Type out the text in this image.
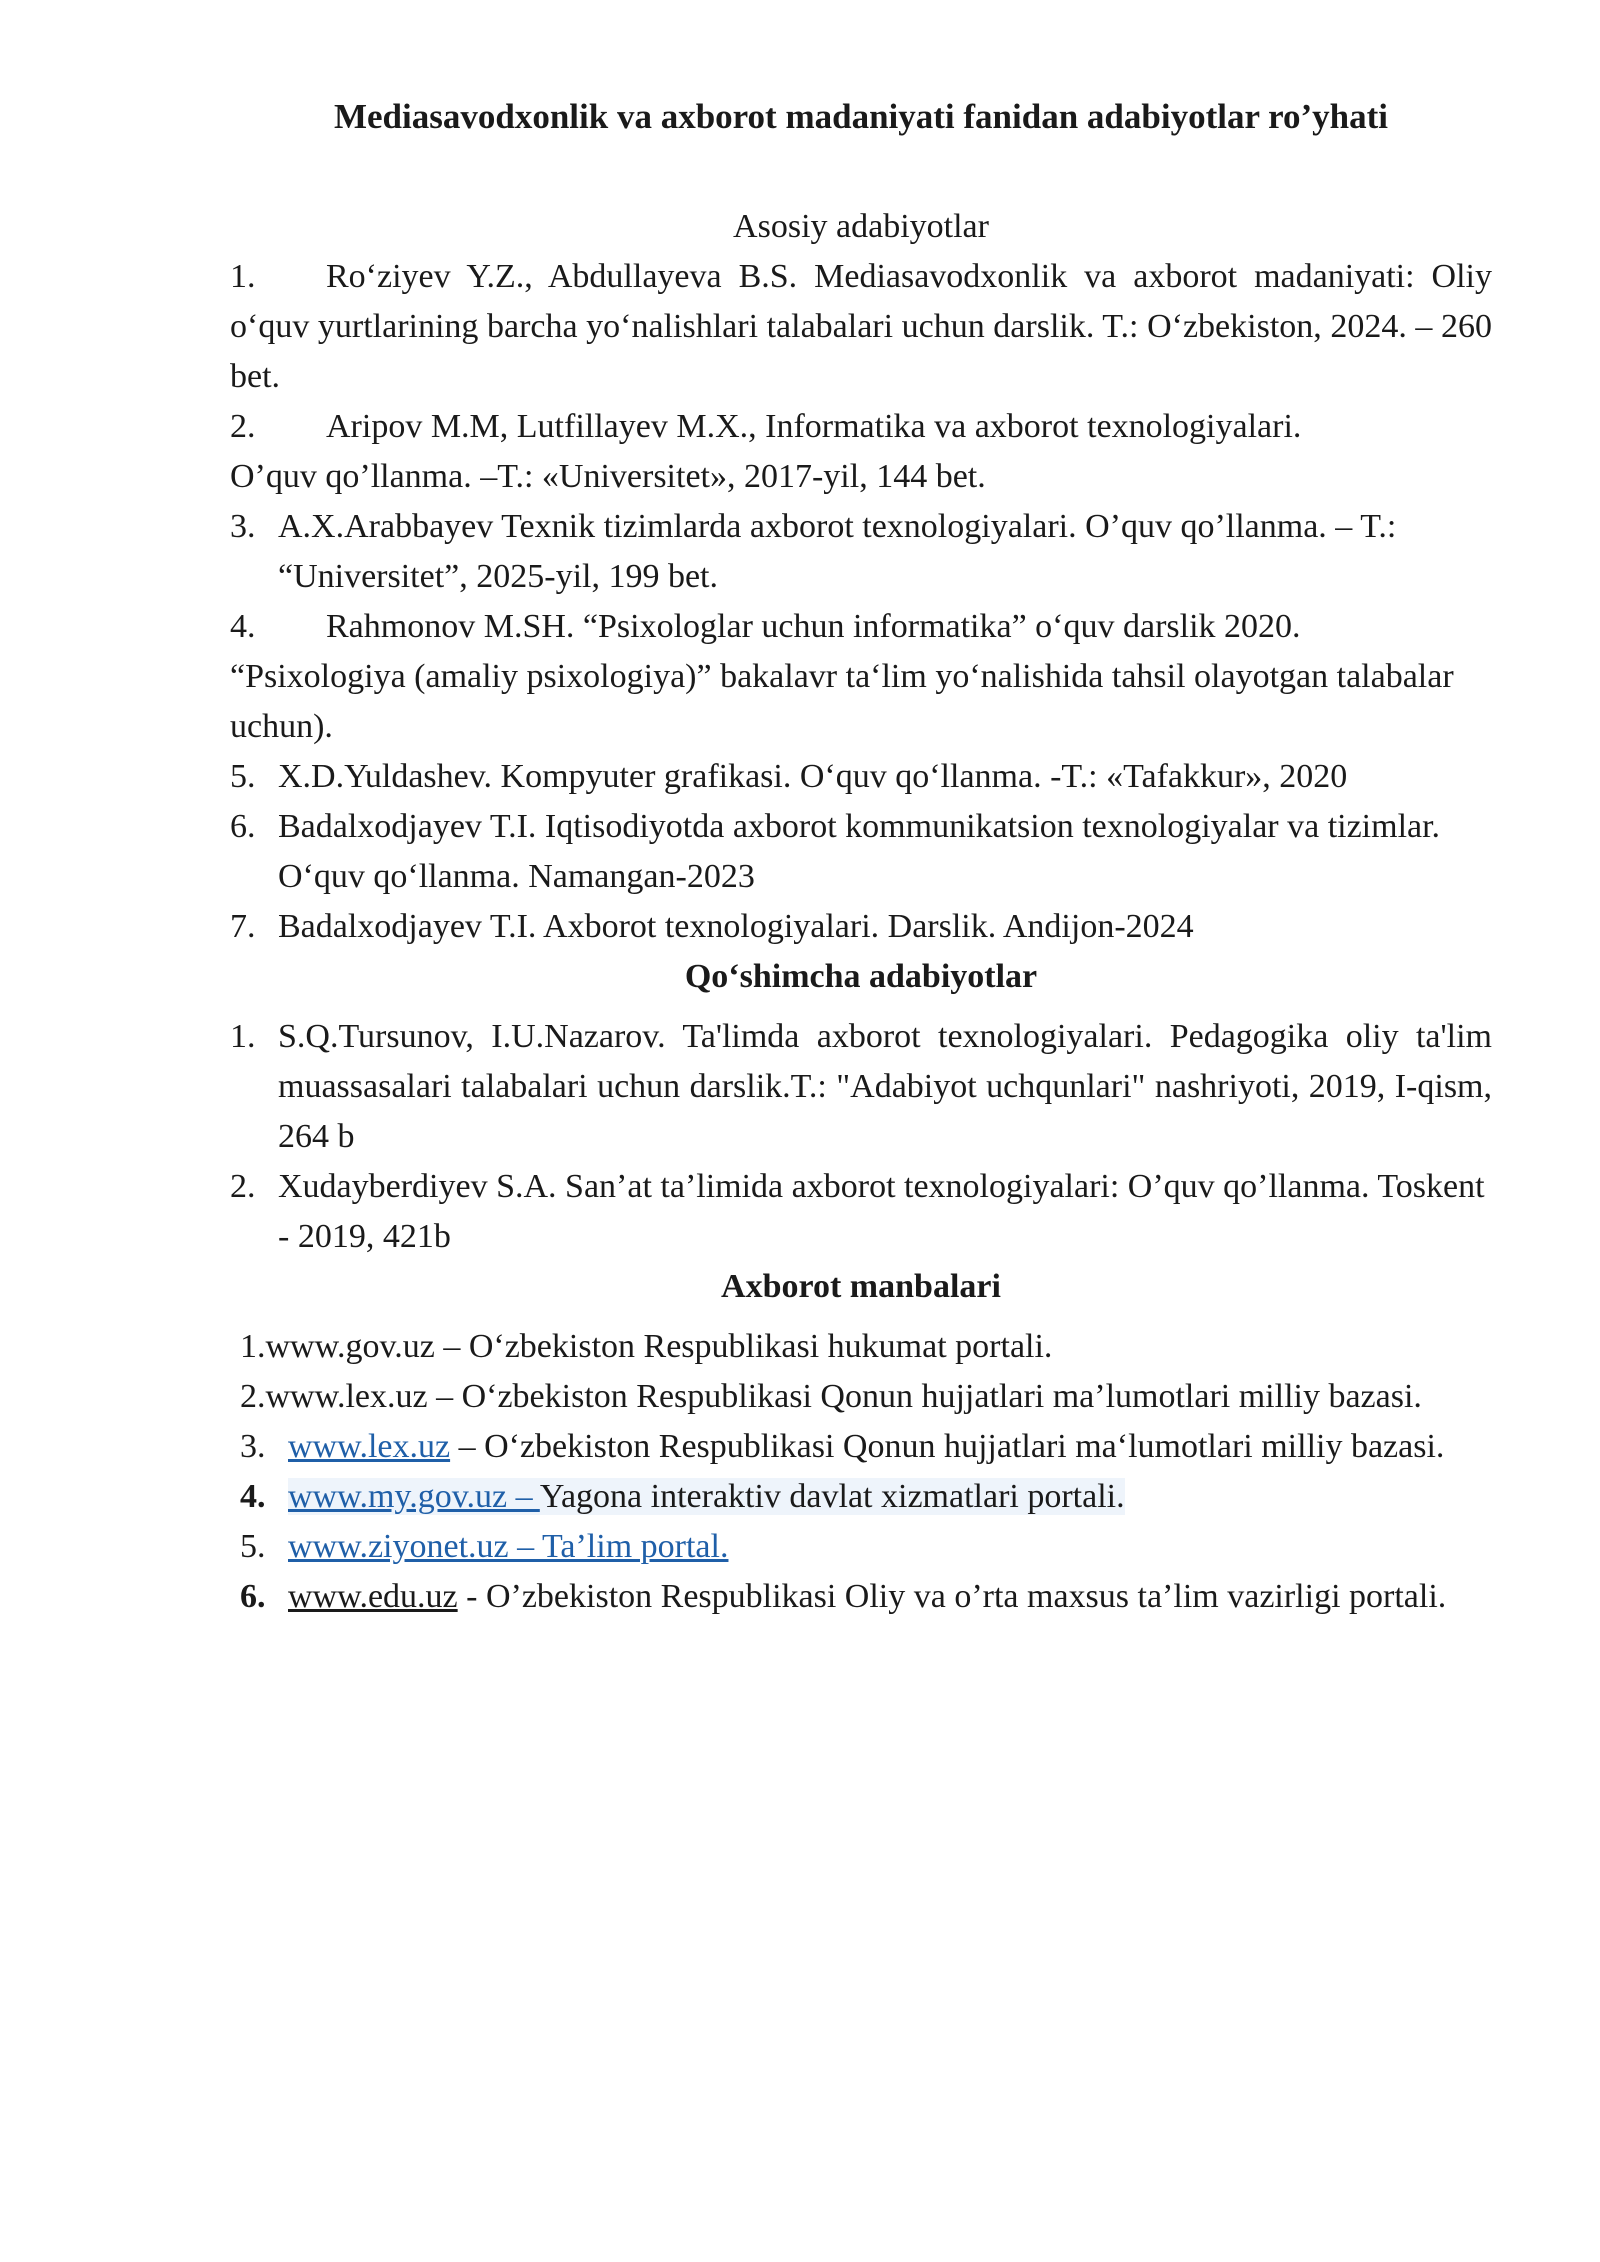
Mediasavodxonlik va axborot madaniyati fanidan adabiyotlar ro’yhati

Asosiy adabiyotlar

1. Ro‘ziyev Y.Z., Abdullayeva B.S. Mediasavodxonlik va axborot madaniyati: Oliy o‘quv yurtlarining barcha yo‘nalishlari talabalari uchun darslik. T.: O‘zbekiston, 2024. – 260 bet.

2. Aripov M.M, Lutfillayev M.X., Informatika va axborot texnologiyalari.
O’quv qo’llanma. –T.: «Universitet», 2017-yil, 144 bet.

3. A.X.Arabbayev Texnik tizimlarda axborot texnologiyalari. O’quv qo’llanma. – T.: “Universitet”, 2025-yil, 199 bet.

4. Rahmonov M.SH. “Psixologlar uchun informatika” o‘quv darslik 2020.
“Psixologiya (amaliy psixologiya)” bakalavr ta‘lim yo‘nalishida tahsil olayotgan talabalar uchun).

5. X.D.Yuldashev. Kompyuter grafikasi. O‘quv qo‘llanma. -T.: «Tafakkur», 2020

6. Badalxodjayev T.I. Iqtisodiyotda axborot kommunikatsion texnologiyalar va tizimlar. O‘quv qo‘llanma. Namangan-2023

7. Badalxodjayev T.I. Axborot texnologiyalari. Darslik. Andijon-2024

Qo‘shimcha adabiyotlar

1. S.Q.Tursunov, I.U.Nazarov. Ta'limda axborot texnologiyalari. Pedagogika oliy ta'lim muassasalari talabalari uchun darslik.T.: "Adabiyot uchqunlari" nashriyoti, 2019, I-qism, 264 b

2. Xudayberdiyev S.A. San’at ta’limida axborot texnologiyalari: O’quv qo’llanma. Toskent - 2019, 421b

Axborot manbalari

1.www.gov.uz – O‘zbekiston Respublikasi hukumat portali.

2.www.lex.uz – O‘zbekiston Respublikasi Qonun hujjatlari ma’lumotlari milliy bazasi.

3. www.lex.uz – O‘zbekiston Respublikasi Qonun hujjatlari ma‘lumotlari milliy bazasi.

4. www.my.gov.uz – Yagona interaktiv davlat xizmatlari portali.

5. www.ziyonet.uz – Ta’lim portal.

6. www.edu.uz - O’zbekiston Respublikasi Oliy va o’rta maxsus ta’lim vazirligi portali.
